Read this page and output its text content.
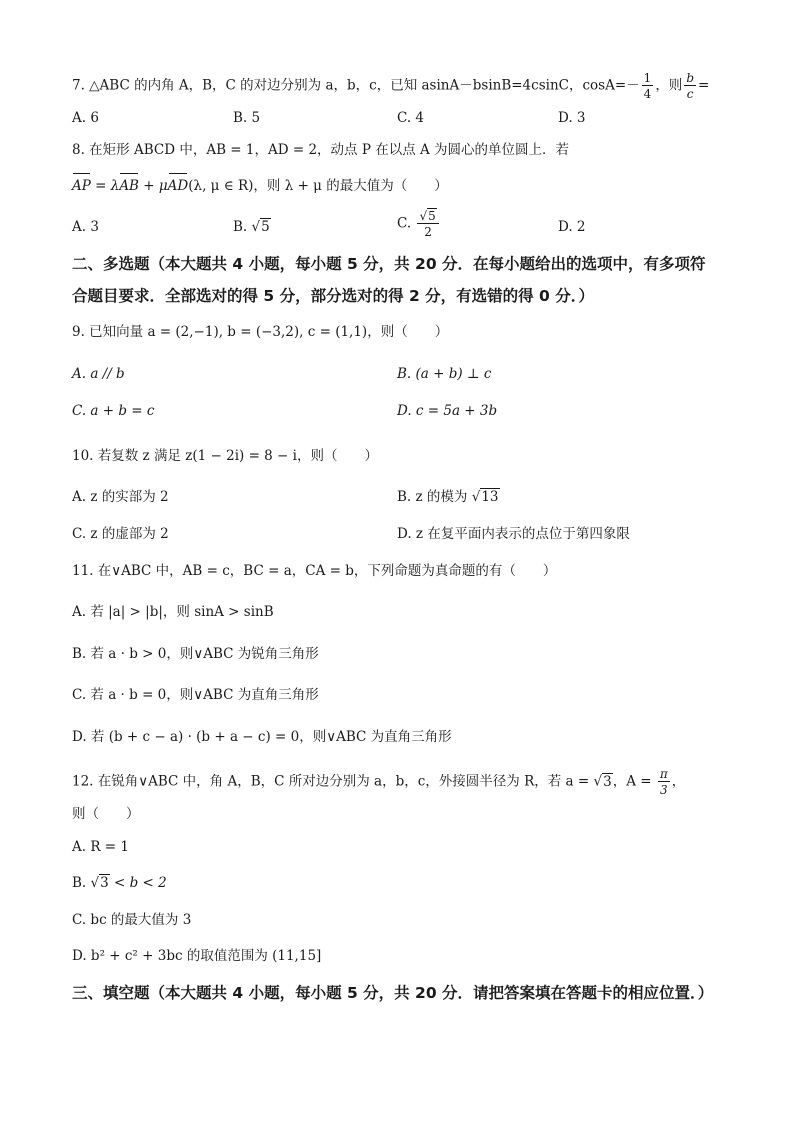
7. △ABC 的内角 A，B，C 的对边分别为 a，b，c，已知 asinA－bsinB=4csinC，$\cos A=- \frac{1}{4}$ ，则 $\frac{b}{c}$ =
A. 6	B. 5	C. 4	D. 3
8. 在矩形 ABCD 中，AB = 1，AD = 2，动点 P 在以点 A 为圆心的单位圆上．若
AP = λAB + μAD(λ, μ ∈ R)，则 λ + μ 的最大值为（　　）
A. 3	B. √5	C. $\frac{√5}{2}$	D. 2
二、多选题（本大题共 4 小题，每小题 5 分，共 20 分．在每小题给出的选项中，有多项符
合题目要求．全部选对的得 5 分，部分选对的得 2 分，有选错的得 0 分．）
9. 已知向量 a = (2,−1), b = (−3,2), c = (1,1)，则（　　）
A. a // b	B. (a + b) ⊥ c
C. a + b = c	D. c = 5a + 3b
10. 若复数 z 满足 z(1 − 2i) = 8 − i，则（　　）
A. z 的实部为 2	B. z 的模为 √13
C. z 的虚部为 2	D. z 在复平面内表示的点位于第四象限
11. 在∨ABC 中，AB = c，BC = a，CA = b，下列命题为真命题的有（　　）
A. 若 |a| > |b|，则 sinA > sinB
B. 若 a · b > 0，则∨ABC 为锐角三角形
C. 若 a · b = 0，则∨ABC 为直角三角形
D. 若 (b + c − a) · (b + a − c) = 0，则∨ABC 为直角三角形
12. 在锐角∨ABC 中，角 A，B，C 所对边分别为 a，b，c，外接圆半径为 R，若 a = √3，$A = \frac{\pi}{3}$ ，
则（　　）
A. R = 1
B. √3 < b < 2
C. bc 的最大值为 3
D. b² + c² + 3bc 的取值范围为 (11,15]
三、填空题（本大题共 4 小题，每小题 5 分，共 20 分．请把答案填在答题卡的相应位置．）
